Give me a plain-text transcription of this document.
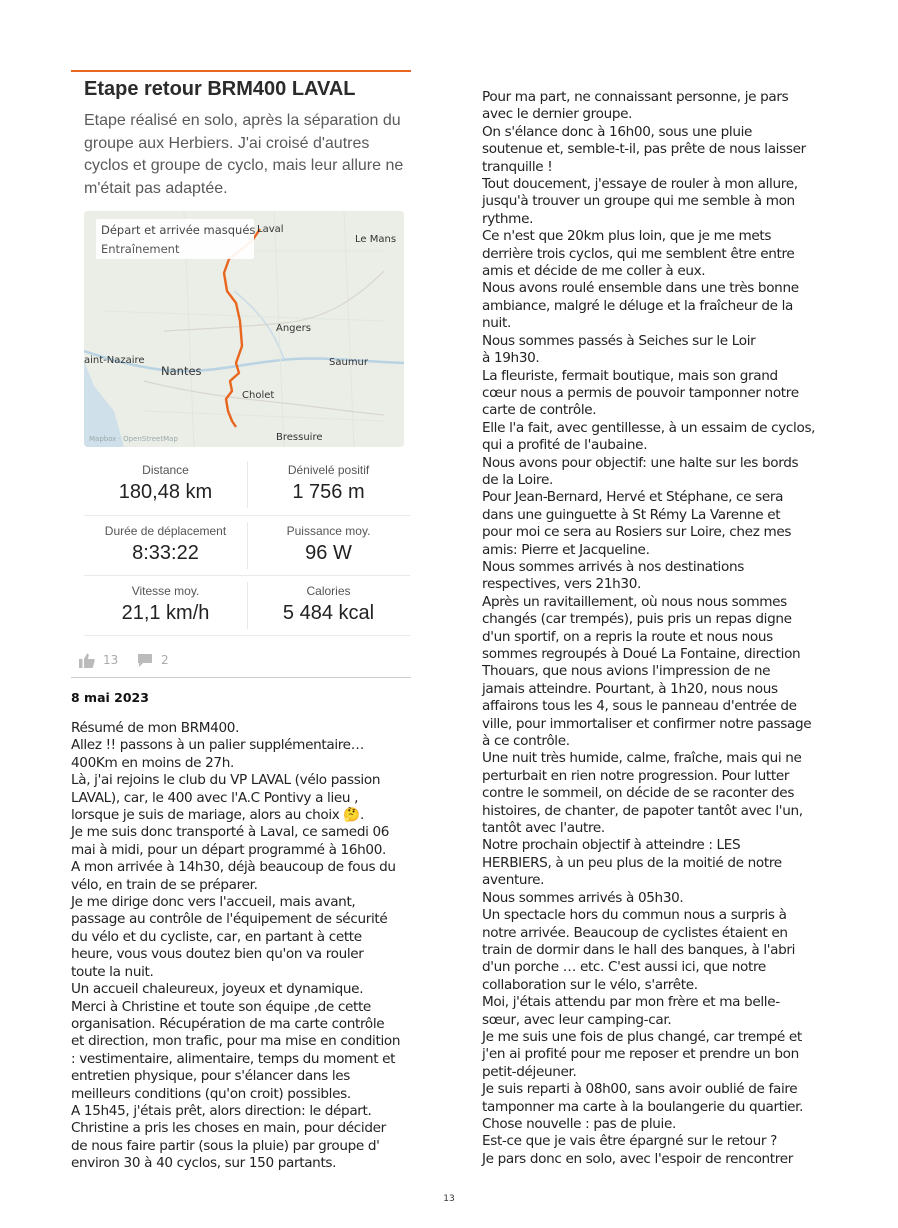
Etape retour BRM400 LAVAL
Etape réalisé en solo, après la séparation du groupe aux Herbiers. J'ai croisé d'autres cyclos et groupe de cyclo, mais leur allure ne m'était pas adaptée.
Départ et arrivée masqués
Entraînement
Laval
Le Mans
Angers
aint-Nazaire
Nantes
Saumur
Cholet
Bressuire
Mapbox · OpenStreetMap
Distance
180,48 km
Dénivelé positif
1 756 m
Durée de déplacement
8:33:22
Puissance moy.
96 W
Vitesse moy.
21,1 km/h
Calories
5 484 kcal
13	2
8 mai 2023

Résumé de mon BRM400.

Allez !! passons à un palier supplémentaire…

400Km en moins de 27h.

Là, j'ai rejoins le club du VP LAVAL (vélo passion

LAVAL), car, le 400 avec l'A.C Pontivy a lieu ,

lorsque je suis de mariage, alors au choix 🤔.

Je me suis donc transporté à Laval, ce samedi 06

mai à midi, pour un départ programmé à 16h00.

A mon arrivée à 14h30, déjà beaucoup de fous du

vélo, en train de se préparer.

Je me dirige donc vers l'accueil, mais avant,

passage au contrôle de l'équipement de sécurité

du vélo et du cycliste, car, en partant à cette

heure, vous vous doutez bien qu'on va rouler

toute la nuit.

Un accueil chaleureux, joyeux et dynamique.

Merci à Christine et toute son équipe ,de cette

organisation. Récupération de ma carte contrôle

et direction, mon trafic, pour ma mise en condition

: vestimentaire, alimentaire, temps du moment et

entretien physique, pour s'élancer dans les

meilleurs conditions (qu'on croit) possibles.

A 15h45, j'étais prêt, alors direction: le départ.

Christine a pris les choses en main, pour décider

de nous faire partir (sous la pluie) par groupe d'

environ 30 à 40 cyclos, sur 150 partants.

Pour ma part, ne connaissant personne, je pars

avec le dernier groupe.

On s'élance donc à 16h00, sous une pluie

soutenue et, semble-t-il, pas prête de nous laisser

tranquille !

Tout doucement, j'essaye de rouler à mon allure,

jusqu'à trouver un groupe qui me semble à mon

rythme.

Ce n'est que 20km plus loin, que je me mets

derrière trois cyclos, qui me semblent être entre

amis et décide de me coller à eux.

Nous avons roulé ensemble dans une très bonne

ambiance, malgré le déluge et la fraîcheur de la

nuit.

Nous sommes passés à Seiches sur le Loir

à 19h30.

La fleuriste, fermait boutique, mais son grand

cœur nous a permis de pouvoir tamponner notre

carte de contrôle.

Elle l'a fait, avec gentillesse, à un essaim de cyclos,

qui a profité de l'aubaine.

Nous avons pour objectif: une halte sur les bords

de la Loire.

Pour Jean-Bernard, Hervé et Stéphane, ce sera

dans une guinguette à St Rémy La Varenne et

pour moi ce sera au Rosiers sur Loire, chez mes

amis: Pierre et Jacqueline.

Nous sommes arrivés à nos destinations

respectives, vers 21h30.

Après un ravitaillement, où nous nous sommes

changés (car trempés), puis pris un repas digne

d'un sportif, on a repris la route et nous nous

sommes regroupés à Doué La Fontaine, direction

Thouars, que nous avions l'impression de ne

jamais atteindre. Pourtant, à 1h20, nous nous

affairons tous les 4, sous le panneau d'entrée de

ville, pour immortaliser et confirmer notre passage

à ce contrôle.

Une nuit très humide, calme, fraîche, mais qui ne

perturbait en rien notre progression. Pour lutter

contre le sommeil, on décide de se raconter des

histoires, de chanter, de papoter tantôt avec l'un,

tantôt avec l'autre.

Notre prochain objectif à atteindre : LES

HERBIERS, à un peu plus de la moitié de notre

aventure.

Nous sommes arrivés à 05h30.

Un spectacle hors du commun nous a surpris à

notre arrivée. Beaucoup de cyclistes étaient en

train de dormir dans le hall des banques, à l'abri

d'un porche … etc. C'est aussi ici, que notre

collaboration sur le vélo, s'arrête.

Moi, j'étais attendu par mon frère et ma belle-

sœur, avec leur camping-car.

Je me suis une fois de plus changé, car trempé et

j'en ai profité pour me reposer et prendre un bon

petit-déjeuner.

Je suis reparti à 08h00, sans avoir oublié de faire

tamponner ma carte à la boulangerie du quartier.

Chose nouvelle : pas de pluie.

Est-ce que je vais être épargné sur le retour ?

Je pars donc en solo, avec l'espoir de rencontrer

13
